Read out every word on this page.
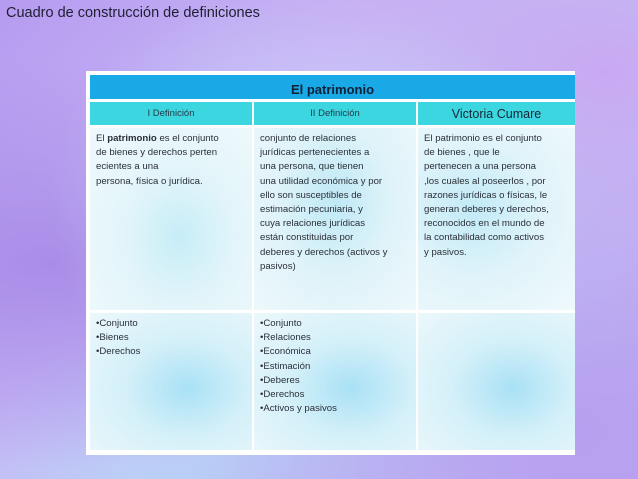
Cuadro de construcción de definiciones
El patrimonio
I Definición	II Definición	Victoria Cumare
El patrimonio es el conjunto
de bienes y derechos perten
ecientes a una
persona, física o jurídica.
conjunto de relaciones
jurídicas pertenecientes a
una persona, que tienen
una utilidad económica y por
ello son susceptibles de
estimación pecuniaria, y
cuya relaciones jurídicas
están constituidas por
deberes y derechos (activos y
pasivos)
El patrimonio es el conjunto
de bienes , que le
pertenecen a una persona
,los cuales al poseerlos , por
razones jurídicas o físicas, le
generan deberes y derechos,
reconocidos en el mundo de
la contabilidad como activos
y pasivos.
•Conjunto
•Bienes
•Derechos
•Conjunto
•Relaciones
•Económica
•Estimación
•Deberes
•Derechos
•Activos y pasivos
